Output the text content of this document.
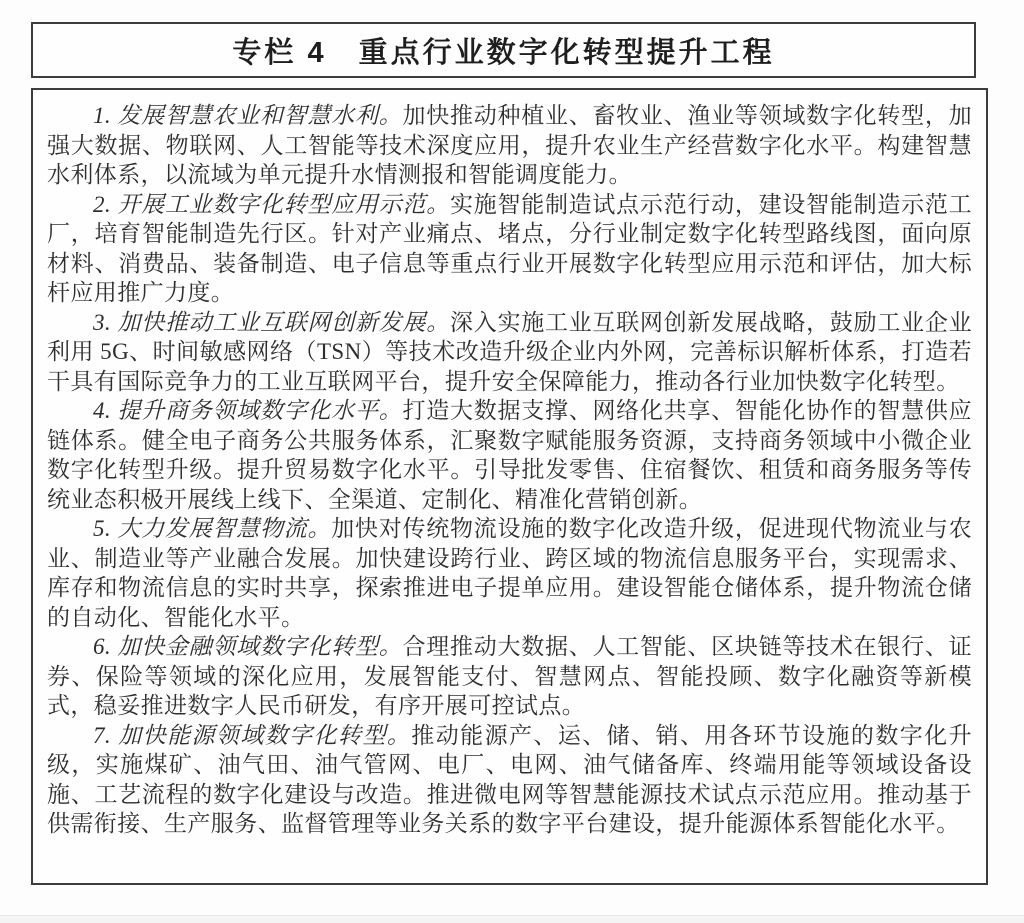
专栏 4　重点行业数字化转型提升工程

1. 发展智慧农业和智慧水利。加快推动种植业、畜牧业、渔业等领域数字化转型，加强大数据、物联网、人工智能等技术深度应用，提升农业生产经营数字化水平。构建智慧水利体系，以流域为单元提升水情测报和智能调度能力。

2. 开展工业数字化转型应用示范。实施智能制造试点示范行动，建设智能制造示范工厂，培育智能制造先行区。针对产业痛点、堵点，分行业制定数字化转型路线图，面向原材料、消费品、装备制造、电子信息等重点行业开展数字化转型应用示范和评估，加大标杆应用推广力度。

3. 加快推动工业互联网创新发展。深入实施工业互联网创新发展战略，鼓励工业企业利用 5G、时间敏感网络（TSN）等技术改造升级企业内外网，完善标识解析体系，打造若干具有国际竞争力的工业互联网平台，提升安全保障能力，推动各行业加快数字化转型。

4. 提升商务领域数字化水平。打造大数据支撑、网络化共享、智能化协作的智慧供应链体系。健全电子商务公共服务体系，汇聚数字赋能服务资源，支持商务领域中小微企业数字化转型升级。提升贸易数字化水平。引导批发零售、住宿餐饮、租赁和商务服务等传统业态积极开展线上线下、全渠道、定制化、精准化营销创新。

5. 大力发展智慧物流。加快对传统物流设施的数字化改造升级，促进现代物流业与农业、制造业等产业融合发展。加快建设跨行业、跨区域的物流信息服务平台，实现需求、库存和物流信息的实时共享，探索推进电子提单应用。建设智能仓储体系，提升物流仓储的自动化、智能化水平。

6. 加快金融领域数字化转型。合理推动大数据、人工智能、区块链等技术在银行、证券、保险等领域的深化应用，发展智能支付、智慧网点、智能投顾、数字化融资等新模式，稳妥推进数字人民币研发，有序开展可控试点。

7. 加快能源领域数字化转型。推动能源产、运、储、销、用各环节设施的数字化升级，实施煤矿、油气田、油气管网、电厂、电网、油气储备库、终端用能等领域设备设施、工艺流程的数字化建设与改造。推进微电网等智慧能源技术试点示范应用。推动基于供需衔接、生产服务、监督管理等业务关系的数字平台建设，提升能源体系智能化水平。
